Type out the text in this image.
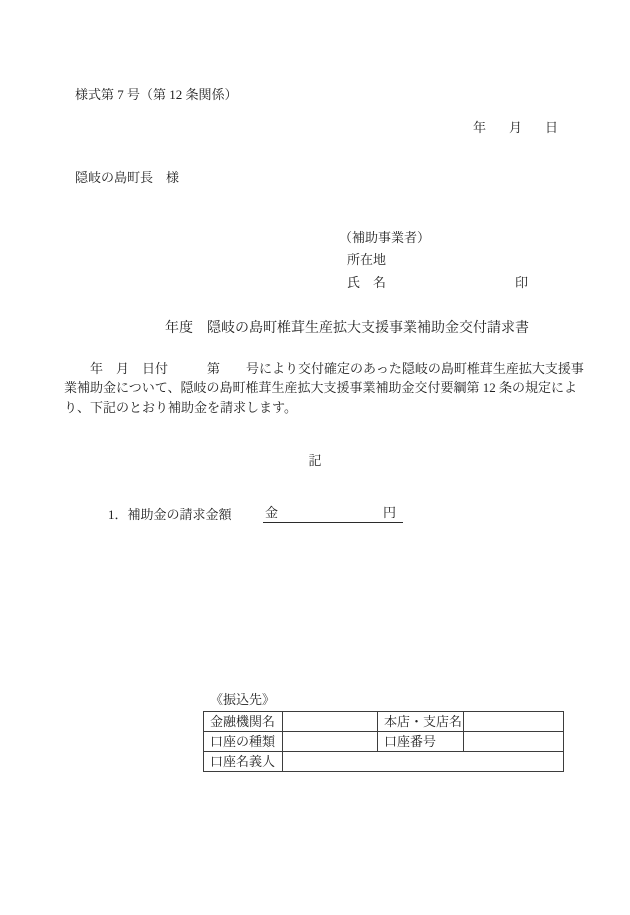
様式第 7 号（第 12 条関係）
年 月 日
隠岐の島町長　様
（補助事業者）
所在地
氏　名	印
年度　隠岐の島町椎茸生産拡大支援事業補助金交付請求書
　　年　月　日付　　　第　　号により交付確定のあった隠岐の島町椎茸生産拡大支援事
業補助金について、隠岐の島町椎茸生産拡大支援事業補助金交付要綱第 12 条の規定によ
り、下記のとおり補助金を請求します。
記
1．補助金の請求金額	金	円
《振込先》
金融機関名		本店・支店名	
口座の種類		口座番号	
口座名義人			
